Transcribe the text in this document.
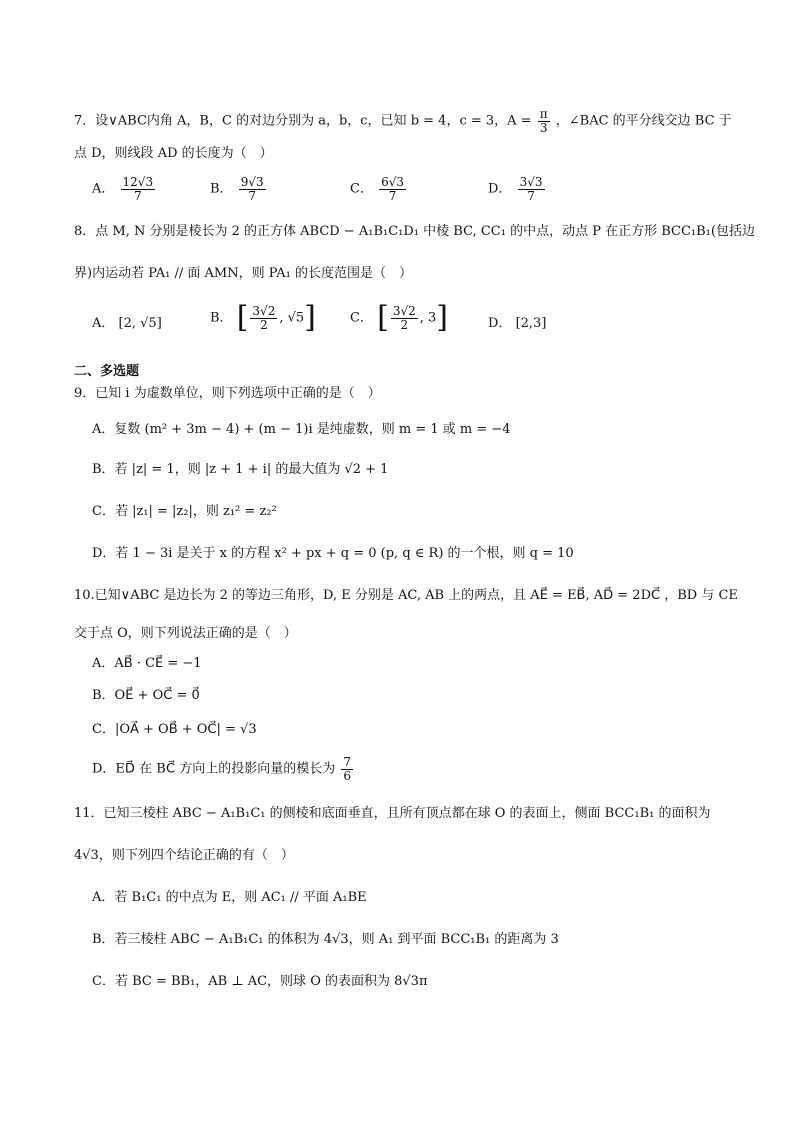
7．设∨ABC内角 A，B，C 的对边分别为 a，b，c，已知 b = 4，c = 3，$A = \frac{\pi}{3}$ ，∠BAC 的平分线交边 BC 于
点 D，则线段 AD 的长度为（　）
A． $\frac{12√3}{7}$	B． $\frac{9√3}{7}$	C． $\frac{6√3}{7}$	D． $\frac{3√3}{7}$
8．点 M, N 分别是棱长为 2 的正方体 ABCD − A₁B₁C₁D₁ 中棱 BC, CC₁ 的中点，动点 P 在正方形 BCC₁B₁(包括边
界)内运动若 PA₁ // 面 AMN，则 PA₁ 的长度范围是（　）
A． [2, √5]	B． [ $\frac{3√2}{2}$ , √5]	C． [ $\frac{3√2}{2}$ , 3]	D． [2,3]
二、多选题
9．已知 i 为虚数单位，则下列选项中正确的是（　）
A．复数 (m² + 3m − 4) + (m − 1)i 是纯虚数，则 m = 1 或 m = −4
B．若 |z| = 1，则 |z + 1 + i| 的最大值为 √2 + 1
C．若 |z₁| = |z₂|，则 z₁² = z₂²
D．若 1 − 3i 是关于 x 的方程 x² + px + q = 0 (p, q ∈ R) 的一个根，则 q = 10
10.已知∨ABC 是边长为 2 的等边三角形，D, E 分别是 AC, AB 上的两点，且 AE⃗ = EB⃗, AD⃗ = 2DC⃗ ，BD 与 CE
交于点 O，则下列说法正确的是（　）
A．AB⃗ · CE⃗ = −1
B．OE⃗ + OC⃗ = 0⃗
C．|OA⃗ + OB⃗ + OC⃗| = √3
D．ED⃗ 在 BC⃗ 方向上的投影向量的模长为 $\frac{7}{6}$
11．已知三棱柱 ABC − A₁B₁C₁ 的侧棱和底面垂直，且所有顶点都在球 O 的表面上，侧面 BCC₁B₁ 的面积为
4√3，则下列四个结论正确的有（　）
A．若 B₁C₁ 的中点为 E，则 AC₁ // 平面 A₁BE
B．若三棱柱 ABC − A₁B₁C₁ 的体积为 4√3，则 A₁ 到平面 BCC₁B₁ 的距离为 3
C．若 BC = BB₁，AB ⊥ AC，则球 O 的表面积为 8√3π
